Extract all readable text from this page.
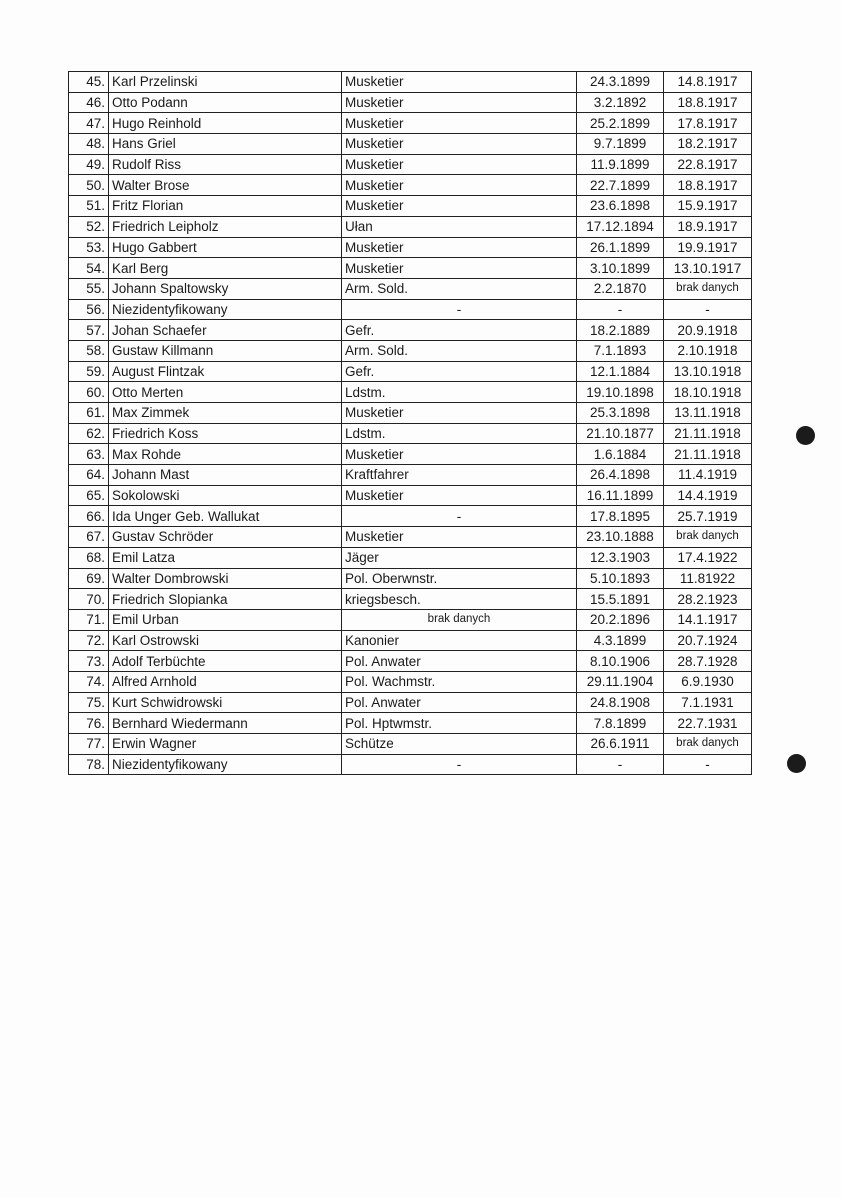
45.	Karl Przelinski	Musketier	24.3.1899	14.8.1917
46.	Otto Podann	Musketier	3.2.1892	18.8.1917
47.	Hugo Reinhold	Musketier	25.2.1899	17.8.1917
48.	Hans Griel	Musketier	9.7.1899	18.2.1917
49.	Rudolf Riss	Musketier	11.9.1899	22.8.1917
50.	Walter Brose	Musketier	22.7.1899	18.8.1917
51.	Fritz Florian	Musketier	23.6.1898	15.9.1917
52.	Friedrich Leipholz	Ułan	17.12.1894	18.9.1917
53.	Hugo Gabbert	Musketier	26.1.1899	19.9.1917
54.	Karl Berg	Musketier	3.10.1899	13.10.1917
55.	Johann Spaltowsky	Arm. Sold.	2.2.1870	brak danych
56.	Niezidentyfikowany	-	-	-
57.	Johan Schaefer	Gefr.	18.2.1889	20.9.1918
58.	Gustaw Killmann	Arm. Sold.	7.1.1893	2.10.1918
59.	August Flintzak	Gefr.	12.1.1884	13.10.1918
60.	Otto Merten	Ldstm.	19.10.1898	18.10.1918
61.	Max Zimmek	Musketier	25.3.1898	13.11.1918
62.	Friedrich Koss	Ldstm.	21.10.1877	21.11.1918
63.	Max Rohde	Musketier	1.6.1884	21.11.1918
64.	Johann Mast	Kraftfahrer	26.4.1898	11.4.1919
65.	Sokolowski	Musketier	16.11.1899	14.4.1919
66.	Ida Unger Geb. Wallukat	-	17.8.1895	25.7.1919
67.	Gustav Schröder	Musketier	23.10.1888	brak danych
68.	Emil Latza	Jäger	12.3.1903	17.4.1922
69.	Walter Dombrowski	Pol. Oberwnstr.	5.10.1893	11.81922
70.	Friedrich Slopianka	kriegsbesch.	15.5.1891	28.2.1923
71.	Emil Urban	brak danych	20.2.1896	14.1.1917
72.	Karl Ostrowski	Kanonier	4.3.1899	20.7.1924
73.	Adolf Terbüchte	Pol. Anwater	8.10.1906	28.7.1928
74.	Alfred Arnhold	Pol. Wachmstr.	29.11.1904	6.9.1930
75.	Kurt Schwidrowski	Pol. Anwater	24.8.1908	7.1.1931
76.	Bernhard Wiedermann	Pol. Hptwmstr.	7.8.1899	22.7.1931
77.	Erwin Wagner	Schütze	26.6.1911	brak danych
78.	Niezidentyfikowany	-	-	-
